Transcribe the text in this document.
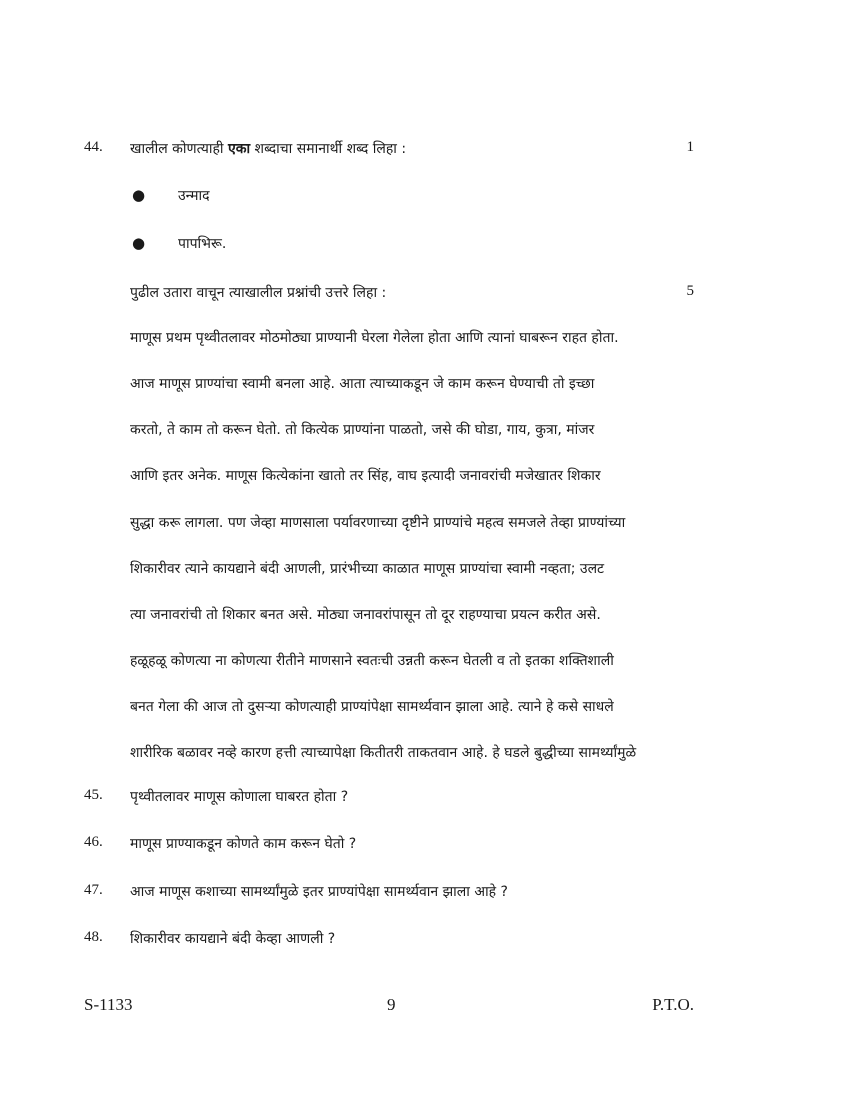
44. खालील कोणत्याही एका शब्दाचा समानार्थी शब्द लिहा :	1
● उन्माद
● पापभिरू.
पुढील उतारा वाचून त्याखालील प्रश्नांची उत्तरे लिहा :	5
माणूस प्रथम पृथ्वीतलावर मोठमोठ्या प्राण्यानी घेरला गेलेला होता आणि त्यानां घाबरून राहत होता.
आज माणूस प्राण्यांचा स्वामी बनला आहे. आता त्याच्याकडून जे काम करून घेण्याची तो इच्छा
करतो, ते काम तो करून घेतो. तो कित्येक प्राण्यांना पाळतो, जसे की घोडा, गाय, कुत्रा, मांजर
आणि इतर अनेक. माणूस कित्येकांना खातो तर सिंह, वाघ इत्यादी जनावरांची मजेखातर शिकार
सुद्धा करू लागला. पण जेव्हा माणसाला पर्यावरणाच्या दृष्टीने प्राण्यांचे महत्व समजले तेव्हा प्राण्यांच्या
शिकारीवर त्याने कायद्याने बंदी आणली, प्रारंभीच्या काळात माणूस प्राण्यांचा स्वामी नव्हता; उलट
त्या जनावरांची तो शिकार बनत असे. मोठ्या जनावरांपासून तो दूर राहण्याचा प्रयत्न करीत असे.
हळूहळू कोणत्या ना कोणत्या रीतीने माणसाने स्वतःची उन्नती करून घेतली व तो इतका शक्तिशाली
बनत गेला की आज तो दुसऱ्या कोणत्याही प्राण्यांपेक्षा सामर्थ्यवान झाला आहे. त्याने हे कसे साधले
शारीरिक बळावर नव्हे कारण हत्ती त्याच्यापेक्षा कितीतरी ताकतवान आहे. हे घडले बुद्धीच्या सामर्थ्यांमुळे
45. पृथ्वीतलावर माणूस कोणाला घाबरत होता ?
46. माणूस प्राण्याकडून कोणते काम करून घेतो ?
47. आज माणूस कशाच्या सामर्थ्यांमुळे इतर प्राण्यांपेक्षा सामर्थ्यवान झाला आहे ?
48. शिकारीवर कायद्याने बंदी केव्हा आणली ?
S-1133	9	P.T.O.
